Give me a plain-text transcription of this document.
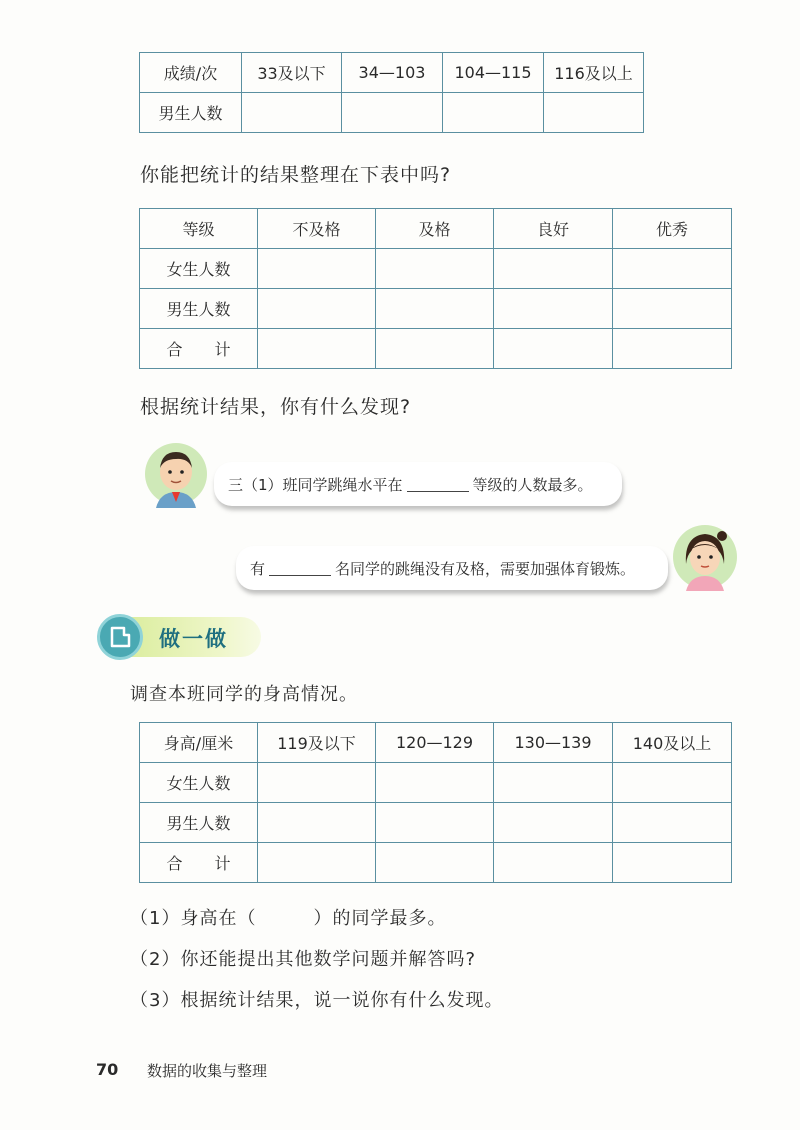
成绩/次	33及以下	34—103	104—115	116及以上
男生人数				
你能把统计的结果整理在下表中吗?
等级	不及格	及格	良好	优秀
女生人数				
男生人数				
合　　计				
根据统计结果，你有什么发现?
三（1）班同学跳绳水平在	等级的人数最多。
有	名同学的跳绳没有及格，需要加强体育锻炼。
做一做
调查本班同学的身高情况。
身高/厘米	119及以下	120—129	130—139	140及以上
女生人数				
男生人数				
合　　计				
（1）身高在（　　　）的同学最多。
（2）你还能提出其他数学问题并解答吗?
（3）根据统计结果，说一说你有什么发现。
70 数据的收集与整理
